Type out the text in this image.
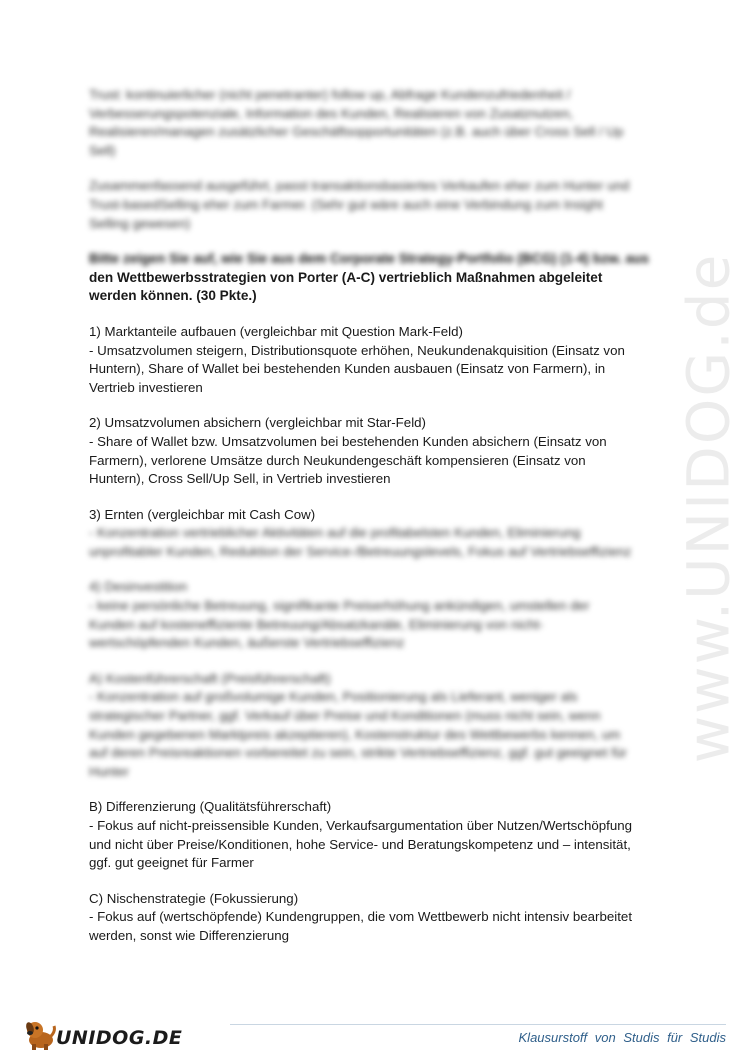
www.UNIDOG.de
Trust: kontinuierlicher (nicht penetranter) follow up, Abfrage Kundenzufriedenheit /
Verbesserungspotenziale, Information des Kunden, Realisieren von Zusatznutzen,
Realisieren/managen zusätzlicher Geschäftsopportunitäten (z.B. auch über Cross Sell / Up
Sell)
Zusammenfassend ausgeführt, passt transaktionsbasiertes Verkaufen eher zum Hunter und
Trust-basedSelling eher zum Farmer. (Sehr gut wäre auch eine Verbindung zum Insight
Selling gewesen)
Bitte zeigen Sie auf, wie Sie aus dem Corporate Strategy-Portfolio (BCG) (1-4) bzw. aus
den Wettbewerbsstrategien von Porter (A-C) vertrieblich Maßnahmen abgeleitet
werden können. (30 Pkte.)
1) Marktanteile aufbauen (vergleichbar mit Question Mark-Feld)
- Umsatzvolumen steigern, Distributionsquote erhöhen, Neukundenakquisition (Einsatz von
Huntern), Share of Wallet bei bestehenden Kunden ausbauen (Einsatz von Farmern), in
Vertrieb investieren
2) Umsatzvolumen absichern (vergleichbar mit Star-Feld)
- Share of Wallet bzw. Umsatzvolumen bei bestehenden Kunden absichern (Einsatz von
Farmern), verlorene Umsätze durch Neukundengeschäft kompensieren (Einsatz von
Huntern), Cross Sell/Up Sell, in Vertrieb investieren
3) Ernten (vergleichbar mit Cash Cow)
- Konzentration vertrieblicher Aktivitäten auf die profitabelsten Kunden, Eliminierung
unprofitabler Kunden, Reduktion der Service-/Betreuungslevels, Fokus auf Vertriebseffizienz
4) Desinvestition
- keine persönliche Betreuung, signifikante Preiserhöhung ankündigen, umstellen der
Kunden auf kosteneffiziente Betreuung/Absatzkanäle, Eliminierung von nicht-
wertschöpfenden Kunden, äußerste Vertriebseffizienz
A) Kostenführerschaft (Preisführerschaft)
- Konzentration auf großvolumige Kunden, Positionierung als Lieferant, weniger als
strategischer Partner, ggf. Verkauf über Preise und Konditionen (muss nicht sein, wenn
Kunden gegebenen Marktpreis akzeptieren), Kostenstruktur des Wettbewerbs kennen, um
auf deren Preisreaktionen vorbereitet zu sein, strikte Vertriebseffizienz, ggf. gut geeignet für
Hunter
B) Differenzierung (Qualitätsführerschaft)
- Fokus auf nicht-preissensible Kunden, Verkaufsargumentation über Nutzen/Wertschöpfung
und nicht über Preise/Konditionen, hohe Service- und Beratungskompetenz und – intensität,
ggf. gut geeignet für Farmer
C) Nischenstrategie (Fokussierung)
- Fokus auf (wertschöpfende) Kundengruppen, die vom Wettbewerb nicht intensiv bearbeitet
werden, sonst wie Differenzierung
UNIDOG.DE	Klausurstoff von Studis für Studis
